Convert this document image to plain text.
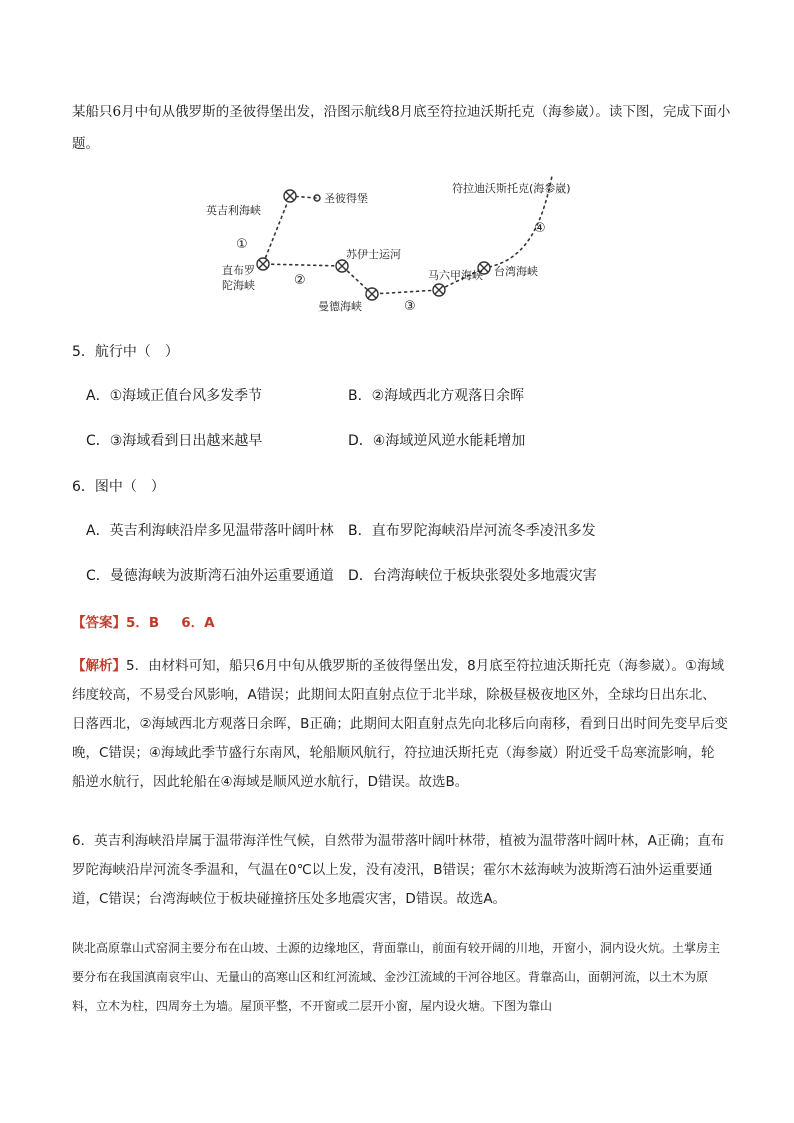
某船只6月中旬从俄罗斯的圣彼得堡出发，沿图示航线8月底至符拉迪沃斯托克（海参崴）。读下图，完成下面小题。
圣彼得堡
英吉利海峡
直布罗
陀海峡
苏伊士运河
曼德海峡
马六甲海峡 台湾海峡
符拉迪沃斯托克(海参崴)
①
②
③
④
5．航行中（　）
A．①海域正值台风多发季节	B．②海域西北方观落日余晖
C．③海域看到日出越来越早	D．④海域逆风逆水能耗增加
6．图中（　）
A．英吉利海峡沿岸多见温带落叶阔叶林 B．直布罗陀海峡沿岸河流冬季凌汛多发
C．曼德海峡为波斯湾石油外运重要通道 D．台湾海峡位于板块张裂处多地震灾害
【答案】5．B 6．A
【解析】5．由材料可知，船只6月中旬从俄罗斯的圣彼得堡出发，8月底至符拉迪沃斯托克（海参崴）。①海域纬度较高，不易受台风影响，A错误；此期间太阳直射点位于北半球，除极昼极夜地区外，全球均日出东北、日落西北，②海域西北方观落日余晖，B正确；此期间太阳直射点先向北移后向南移，看到日出时间先变早后变晚，C错误；④海域此季节盛行东南风，轮船顺风航行，符拉迪沃斯托克（海参崴）附近受千岛寒流影响，轮船逆水航行，因此轮船在④海域是顺风逆水航行，D错误。故选B。
6．英吉利海峡沿岸属于温带海洋性气候，自然带为温带落叶阔叶林带，植被为温带落叶阔叶林，A正确；直布罗陀海峡沿岸河流冬季温和，气温在0℃以上发，没有凌汛，B错误；霍尔木兹海峡为波斯湾石油外运重要通道，C错误；台湾海峡位于板块碰撞挤压处多地震灾害，D错误。故选A。
陕北高原靠山式窑洞主要分布在山坡、土源的边缘地区，背面靠山，前面有较开阔的川地，开窗小，洞内设火炕。土掌房主要分布在我国滇南哀牢山、无量山的高寒山区和红河流域、金沙江流域的干河谷地区。背靠高山，面朝河流，以土木为原料，立木为柱，四周夯土为墙。屋顶平整，不开窗或二层开小窗，屋内设火塘。下图为靠山
